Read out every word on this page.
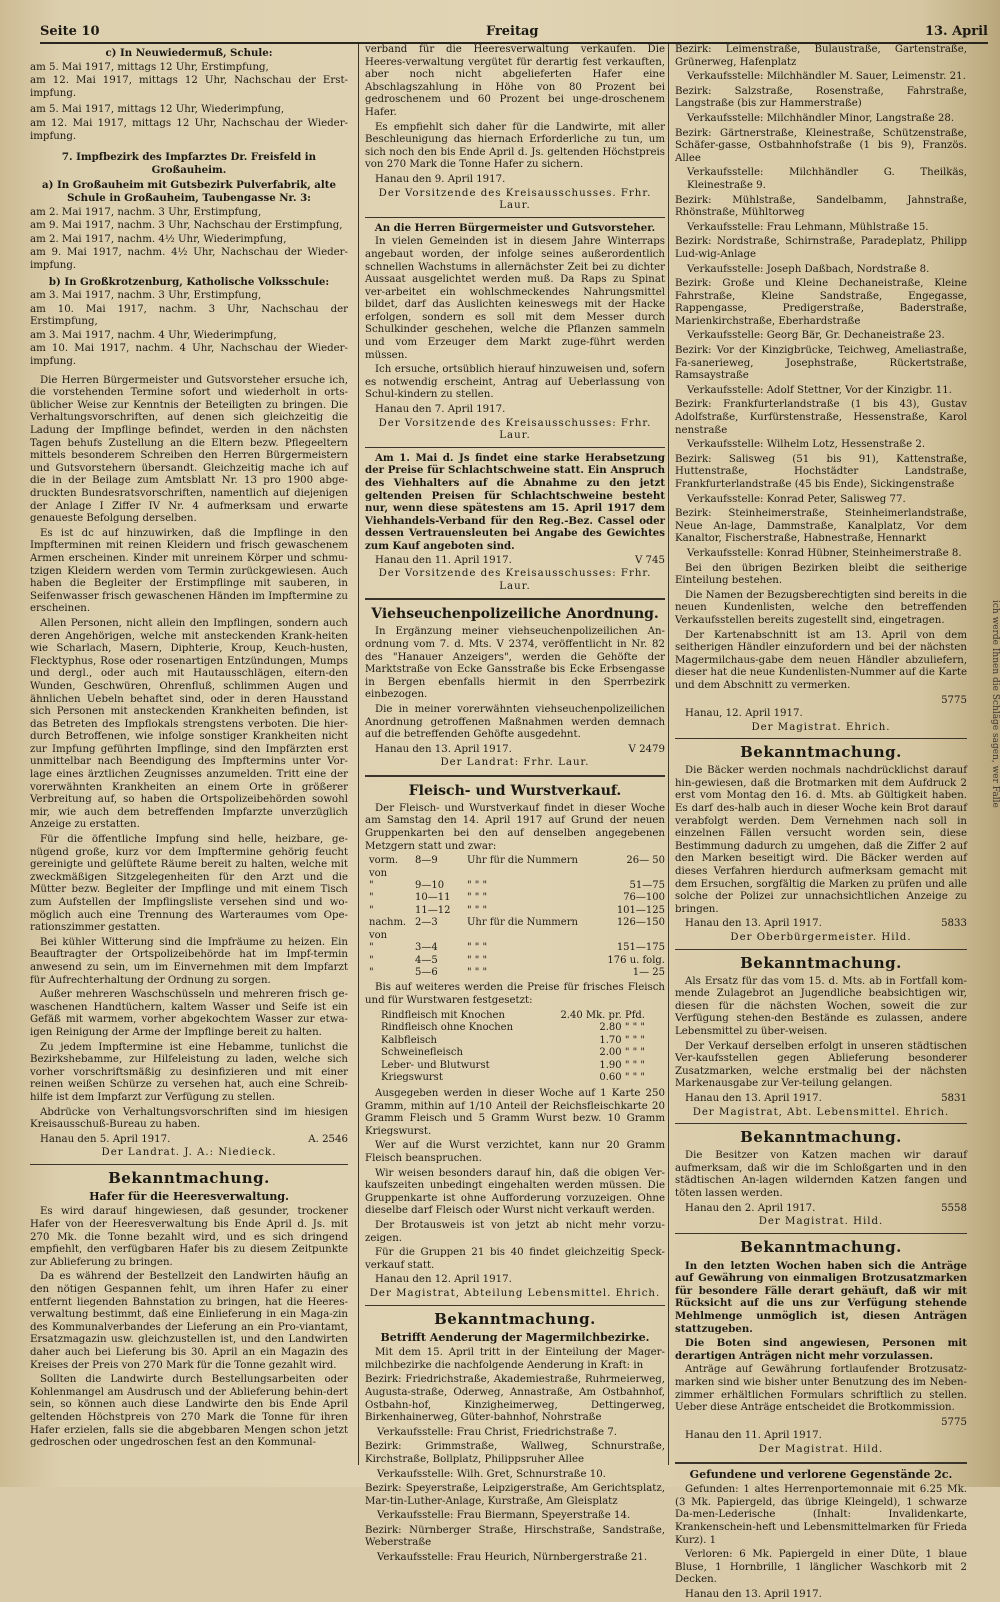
Seite 10	Freitag	13. April
c) In Neuwiedermuß, Schule:
am 5. Mai 1917, mittags 12 Uhr, Erstimpfung,
am 12. Mai 1917, mittags 12 Uhr, Nachschau der Erst-impfung.
am 5. Mai 1917, mittags 12 Uhr, Wiederimpfung,
am 12. Mai 1917, mittags 12 Uhr, Nachschau der Wieder-impfung.
7. Impfbezirk des Impfarztes Dr. Freisfeld in Großauheim.
a) In Großauheim mit Gutsbezirk Pulverfabrik, alte Schule in Großauheim, Taubengasse Nr. 3:
am 2. Mai 1917, nachm. 3 Uhr, Erstimpfung,
am 9. Mai 1917, nachm. 3 Uhr, Nachschau der Erstimpfung,
am 2. Mai 1917, nachm. 4½ Uhr, Wiederimpfung,
am 9. Mai 1917, nachm. 4½ Uhr, Nachschau der Wieder-impfung.
b) In Großkrotzenburg, Katholische Volksschule:
am 3. Mai 1917, nachm. 3 Uhr, Erstimpfung,
am 10. Mai 1917, nachm. 3 Uhr, Nachschau der Erstimpfung,
am 3. Mai 1917, nachm. 4 Uhr, Wiederimpfung,
am 10. Mai 1917, nachm. 4 Uhr, Nachschau der Wieder-impfung.

Die Herren Bürgermeister und Gutsvorsteher ersuche ich, die vorstehenden Termine sofort und wiederholt in orts-üblicher Weise zur Kenntnis der Beteiligten zu bringen. Die Verhaltungsvorschriften, auf denen sich gleichzeitig die Ladung der Impflinge befindet, werden in den nächsten Tagen behufs Zustellung an die Eltern bezw. Pflegeeltern mittels besonderem Schreiben den Herren Bürgermeistern und Gutsvorstehern übersandt. Gleichzeitig mache ich auf die in der Beilage zum Amtsblatt Nr. 13 pro 1900 abge-druckten Bundesratsvorschriften, namentlich auf diejenigen der Anlage I Ziffer IV Nr. 4 aufmerksam und erwarte genaueste Befolgung derselben.

Es ist dc auf hinzuwirken, daß die Impflinge in den Impfterminen mit reinen Kleidern und frisch gewaschenem Armen erscheinen. Kinder mit unreinem Körper und schmu-tzigen Kleidern werden vom Termin zurückgewiesen. Auch haben die Begleiter der Erstimpflinge mit sauberen, in Seifenwasser frisch gewaschenen Händen im Impftermine zu erscheinen.

Allen Personen, nicht allein den Impflingen, sondern auch deren Angehörigen, welche mit ansteckenden Krank-heiten wie Scharlach, Masern, Diphterie, Kroup, Keuch-husten, Flecktyphus, Rose oder rosenartigen Entzündungen, Mumps und dergl., oder auch mit Hautausschlägen, eitern-den Wunden, Geschwüren, Ohrenfluß, schlimmen Augen und ähnlichen Uebeln behaftet sind, oder in deren Hausstand sich Personen mit ansteckenden Krankheiten befinden, ist das Betreten des Impflokals strengstens verboten. Die hier-durch Betroffenen, wie infolge sonstiger Krankheiten nicht zur Impfung geführten Impflinge, sind den Impfärzten erst unmittelbar nach Beendigung des Impftermins unter Vor-lage eines ärztlichen Zeugnisses anzumelden. Tritt eine der vorerwähnten Krankheiten an einem Orte in größerer Verbreitung auf, so haben die Ortspolizeibehörden sowohl mir, wie auch dem betreffenden Impfarzte unverzüglich Anzeige zu erstatten.

Für die öffentliche Impfung sind helle, heizbare, ge-nügend große, kurz vor dem Impftermine gehörig feucht gereinigte und gelüftete Räume bereit zu halten, welche mit zweckmäßigen Sitzgelegenheiten für den Arzt und die Mütter bezw. Begleiter der Impflinge und mit einem Tisch zum Aufstellen der Impflingsliste versehen sind und wo-möglich auch eine Trennung des Warteraumes vom Ope-rationszimmer gestatten.

Bei kühler Witterung sind die Impfräume zu heizen. Ein Beauftragter der Ortspolizeibehörde hat im Impf-termin anwesend zu sein, um im Einvernehmen mit dem Impfarzt für Aufrechterhaltung der Ordnung zu sorgen.

Außer mehreren Waschschüsseln und mehreren frisch ge-waschenen Handtüchern, kaltem Wasser und Seife ist ein Gefäß mit warmem, vorher abgekochtem Wasser zur etwa-igen Reinigung der Arme der Impflinge bereit zu halten.

Zu jedem Impftermine ist eine Hebamme, tunlichst die Bezirkshebamme, zur Hilfeleistung zu laden, welche sich vorher vorschriftsmäßig zu desinfizieren und mit einer reinen weißen Schürze zu versehen hat, auch eine Schreib-hilfe ist dem Impfarzt zur Verfügung zu stellen.

Abdrücke von Verhaltungsvorschriften sind im hiesigen Kreisausschuß-Bureau zu haben.

Hanau den 5. April 1917.	A. 2546
Der Landrat. J. A.: Niedieck.
Bekanntmachung.
Hafer für die Heeresverwaltung.

Es wird darauf hingewiesen, daß gesunder, trockener Hafer von der Heeresverwaltung bis Ende April d. Js. mit 270 Mk. die Tonne bezahlt wird, und es sich dringend empfiehlt, den verfügbaren Hafer bis zu diesem Zeitpunkte zur Ablieferung zu bringen.

Da es während der Bestellzeit den Landwirten häufig an den nötigen Gespannen fehlt, um ihren Hafer zu einer entfernt liegenden Bahnstation zu bringen, hat die Heeres-verwaltung bestimmt, daß eine Einlieferung in ein Maga-zin des Kommunalverbandes der Lieferung an ein Pro-viantamt, Ersatzmagazin usw. gleichzustellen ist, und den Landwirten daher auch bei Lieferung bis 30. April an ein Magazin des Kreises der Preis von 270 Mark für die Tonne gezahlt wird.

Sollten die Landwirte durch Bestellungsarbeiten oder Kohlenmangel am Ausdrusch und der Ablieferung behin-dert sein, so können auch diese Landwirte den bis Ende April geltenden Höchstpreis von 270 Mark die Tonne für ihren Hafer erzielen, falls sie die abgebbaren Mengen schon jetzt gedroschen oder ungedroschen fest an den Kommunal-

verband für die Heeresverwaltung verkaufen. Die Heeres-verwaltung vergütet für derartig fest verkauften, aber noch nicht abgelieferten Hafer eine Abschlagszahlung in Höhe von 80 Prozent bei gedroschenem und 60 Prozent bei unge-droschenem Hafer.

Es empfiehlt sich daher für die Landwirte, mit aller Beschleunigung das hiernach Erforderliche zu tun, um sich noch den bis Ende April d. Js. geltenden Höchstpreis von 270 Mark die Tonne Hafer zu sichern.

Hanau den 9. April 1917.
Der Vorsitzende des Kreisausschusses. Frhr. Laur.
An die Herren Bürgermeister und Gutsvorsteher.

In vielen Gemeinden ist in diesem Jahre Winterraps angebaut worden, der infolge seines außerordentlich schnellen Wachstums in allernächster Zeit bei zu dichter Aussaat ausgelichtet werden muß. Da Raps zu Spinat ver-arbeitet ein wohlschmeckendes Nahrungsmittel bildet, darf das Auslichten keineswegs mit der Hacke erfolgen, sondern es soll mit dem Messer durch Schulkinder geschehen, welche die Pflanzen sammeln und vom Erzeuger dem Markt zuge-führt werden müssen.

Ich ersuche, ortsüblich hierauf hinzuweisen und, sofern es notwendig erscheint, Antrag auf Ueberlassung von Schul-kindern zu stellen.

Hanau den 7. April 1917.
Der Vorsitzende des Kreisausschusses: Frhr. Laur.

Am 1. Mai d. Js findet eine starke Herabsetzung der Preise für Schlachtschweine statt. Ein Anspruch des Viehhalters auf die Abnahme zu den jetzt geltenden Preisen für Schlachtschweine besteht nur, wenn diese spätestens am 15. April 1917 dem Viehhandels-Verband für den Reg.-Bez. Cassel oder dessen Vertrauensleuten bei Angabe des Gewichtes zum Kauf angeboten sind.

Hanau den 11. April 1917.	V 745
Der Vorsitzende des Kreisausschusses: Frhr. Laur.
Viehseuchenpolizeiliche Anordnung.

In Ergänzung meiner viehseuchenpolizeilichen An-ordnung vom 7. d. Mts. V 2374, veröffentlicht in Nr. 82 des "Hanauer Anzeigers", werden die Gehöfte der Marktstraße von Ecke Gansstraße bis Ecke Erbsengasse in Bergen ebenfalls hiermit in den Sperrbezirk einbezogen.

Die in meiner vorerwähnten viehseuchenpolizeilichen Anordnung getroffenen Maßnahmen werden demnach auf die betreffenden Gehöfte ausgedehnt.

Hanau den 13. April 1917.	V 2479
Der Landrat: Frhr. Laur.
Fleisch- und Wurstverkauf.

Der Fleisch- und Wurstverkauf findet in dieser Woche am Samstag den 14. April 1917 auf Grund der neuen Gruppenkarten bei den auf denselben angegebenen Metzgern statt und zwar:

vorm. von
8—9	Uhr für die Nummern	26— 50
"	9—10	" " "	51—75
"	10—11	" " "	76—100
"	11—12	" " "	101—125
nachm. von
2—3	Uhr für die Nummern	126—150
"	3—4	" " "	151—175
"	4—5	" " "	176 u. folg.
"	5—6	" " "	1— 25

Bis auf weiteres werden die Preise für frisches Fleisch und für Wurstwaren festgesetzt:

Rindfleisch mit Knochen	2.40 Mk. pr. Pfd.
Rindfleisch ohne Knochen	2.80 " " "
Kalbfleisch	1.70 " " "
Schweinefleisch	2.00 " " "
Leber- und Blutwurst	1.90 " " "
Kriegswurst	0.60 " " "

Ausgegeben werden in dieser Woche auf 1 Karte 250 Gramm, mithin auf 1/10 Anteil der Reichsfleischkarte 20 Gramm Fleisch und 5 Gramm Wurst bezw. 10 Gramm Kriegswurst.

Wer auf die Wurst verzichtet, kann nur 20 Gramm Fleisch beanspruchen.

Wir weisen besonders darauf hin, daß die obigen Ver-kaufszeiten unbedingt eingehalten werden müssen. Die Gruppenkarte ist ohne Aufforderung vorzuzeigen. Ohne dieselbe darf Fleisch oder Wurst nicht verkauft werden.

Der Brotausweis ist von jetzt ab nicht mehr vorzu-zeigen.

Für die Gruppen 21 bis 40 findet gleichzeitig Speck-verkauf statt.

Hanau den 12. April 1917.
Der Magistrat, Abteilung Lebensmittel. Ehrich.
Bekanntmachung.
Betrifft Aenderung der Magermilchbezirke.

Mit dem 15. April tritt in der Einteilung der Mager-milchbezirke die nachfolgende Aenderung in Kraft: in

Bezirk: Friedrichstraße, Akademiestraße, Ruhrmeierweg, Augusta-straße, Oderweg, Annastraße, Am Ostbahnhof, Ostbahn-hof, Kinzigheimerweg, Dettingerweg, Birkenhainerweg, Güter-bahnhof, Nohrstraße

Verkaufsstelle: Frau Christ, Friedrichstraße 7.

Bezirk: Grimmstraße, Wallweg, Schnurstraße, Kirchstraße, Bollplatz, Philippsruher Allee

Verkaufsstelle: Wilh. Gret, Schnurstraße 10.

Bezirk: Speyerstraße, Leipzigerstraße, Am Gerichtsplatz, Mar-tin-Luther-Anlage, Kurstraße, Am Gleisplatz

Verkaufsstelle: Frau Biermann, Speyerstraße 14.

Bezirk: Nürnberger Straße, Hirschstraße, Sandstraße, Weberstraße

Verkaufsstelle: Frau Heurich, Nürnbergerstraße 21.

Bezirk: Leimenstraße, Bulaustraße, Gartenstraße, Grünerweg, Hafenplatz

Verkaufsstelle: Milchhändler M. Sauer, Leimenstr. 21.

Bezirk: Salzstraße, Rosenstraße, Fahrstraße, Langstraße (bis zur Hammerstraße)

Verkaufsstelle: Milchhändler Minor, Langstraße 28.

Bezirk: Gärtnerstraße, Kleinestraße, Schützenstraße, Schäfer-gasse, Ostbahnhofstraße (1 bis 9), Französ. Allee

Verkaufsstelle: Milchhändler G. Theilkäs, Kleinestraße 9.

Bezirk: Mühlstraße, Sandelbamm, Jahnstraße, Rhönstraße, Mühltorweg

Verkaufsstelle: Frau Lehmann, Mühlstraße 15.

Bezirk: Nordstraße, Schirnstraße, Paradeplatz, Philipp Lud-wig-Anlage

Verkaufsstelle: Joseph Daßbach, Nordstraße 8.

Bezirk: Große und Kleine Dechaneistraße, Kleine Fahrstraße, Kleine Sandstraße, Engegasse, Rappengasse, Predigerstraße, Baderstraße, Marienkirchstraße, Eberhardstraße

Verkaufsstelle: Georg Bär, Gr. Dechaneistraße 23.

Bezirk: Vor der Kinzigbrücke, Teichweg, Ameliastraße, Fa-sanerieweg, Josephstraße, Rückertstraße, Ramsaystraße

Verkaufsstelle: Adolf Stettner, Vor der Kinzigbr. 11.

Bezirk: Frankfurterlandstraße (1 bis 43), Gustav Adolfstraße, Kurfürstenstraße, Hessenstraße, Karol nenstraße

Verkaufsstelle: Wilhelm Lotz, Hessenstraße 2.

Bezirk: Salisweg (51 bis 91), Kattenstraße, Huttenstraße, Hochstädter Landstraße, Frankfurterlandstraße (45 bis Ende), Sickingenstraße

Verkaufsstelle: Konrad Peter, Salisweg 77.

Bezirk: Steinheimerstraße, Steinheimerlandstraße, Neue An-lage, Dammstraße, Kanalplatz, Vor dem Kanaltor, Fischerstraße, Habnestraße, Hennarkt

Verkaufsstelle: Konrad Hübner, Steinheimerstraße 8.

Bei den übrigen Bezirken bleibt die seitherige Einteilung bestehen.

Die Namen der Bezugsberechtigten sind bereits in die neuen Kundenlisten, welche den betreffenden Verkaufsstellen bereits zugestellt sind, eingetragen.

Der Kartenabschnitt ist am 13. April von dem seitherigen Händler einzufordern und bei der nächsten Magermilchaus-gabe dem neuen Händler abzuliefern, dieser hat die neue Kundenlisten-Nummer auf die Karte und dem Abschnitt zu vermerken.

5775
Hanau, 12. April 1917.
Der Magistrat. Ehrich.
Bekanntmachung.

Die Bäcker werden nochmals nachdrücklichst darauf hin-gewiesen, daß die Brotmarken mit dem Aufdruck 2 erst vom Montag den 16. d. Mts. ab Gültigkeit haben. Es darf des-halb auch in dieser Woche kein Brot darauf verabfolgt werden. Dem Vernehmen nach soll in einzelnen Fällen versucht worden sein, diese Bestimmung dadurch zu umgehen, daß die Ziffer 2 auf den Marken beseitigt wird. Die Bäcker werden auf dieses Verfahren hierdurch aufmerksam gemacht mit dem Ersuchen, sorgfältig die Marken zu prüfen und alle solche der Polizei zur unnachsichtlichen Anzeige zu bringen.

Hanau den 13. April 1917.	5833
Der Oberbürgermeister. Hild.
Bekanntmachung.

Als Ersatz für das vom 15. d. Mts. ab in Fortfall kom-mende Zulagebrot an Jugendliche beabsichtigen wir, diesen für die nächsten Wochen, soweit die zur Verfügung stehen-den Bestände es zulassen, andere Lebensmittel zu über-weisen.

Der Verkauf derselben erfolgt in unseren städtischen Ver-kaufsstellen gegen Ablieferung besonderer Zusatzmarken, welche erstmalig bei der nächsten Markenausgabe zur Ver-teilung gelangen.

Hanau den 13. April 1917.	5831
Der Magistrat, Abt. Lebensmittel. Ehrich.
Bekanntmachung.

Die Besitzer von Katzen machen wir darauf aufmerksam, daß wir die im Schloßgarten und in den städtischen An-lagen wildernden Katzen fangen und töten lassen werden.

Hanau den 2. April 1917.	5558
Der Magistrat. Hild.
Bekanntmachung.

In den letzten Wochen haben sich die Anträge auf Gewährung von einmaligen Brotzusatzmarken für besondere Fälle derart gehäuft, daß wir mit Rücksicht auf die uns zur Verfügung stehende Mehlmenge unmöglich ist, diesen Anträgen stattzugeben.

Die Boten sind angewiesen, Personen mit derartigen Anträgen nicht mehr vorzulassen.

Anträge auf Gewährung fortlaufender Brotzusatz-marken sind wie bisher unter Benutzung des im Neben-zimmer erhältlichen Formulars schriftlich zu stellen. Ueber diese Anträge entscheidet die Brotkommission.

5775
Hanau den 11. April 1917.
Der Magistrat. Hild.
Gefundene und verlorene Gegenstände 2c.

Gefunden: 1 altes Herrenportemonnaie mit 6.25 Mk. (3 Mk. Papiergeld, das übrige Kleingeld), 1 schwarze Da-men-Lederische (Inhalt: Invalidenkarte, Krankenschein-heft und Lebensmittelmarken für Frieda Kurz). 1

Verloren: 6 Mk. Papiergeld in einer Düte, 1 blaue Bluse, 1 Hornbrille, 1 länglicher Waschkorb mit 2 Decken.

Hanau den 13. April 1917.
ich werde Ihnen die Schläge sagen, wer Falle
